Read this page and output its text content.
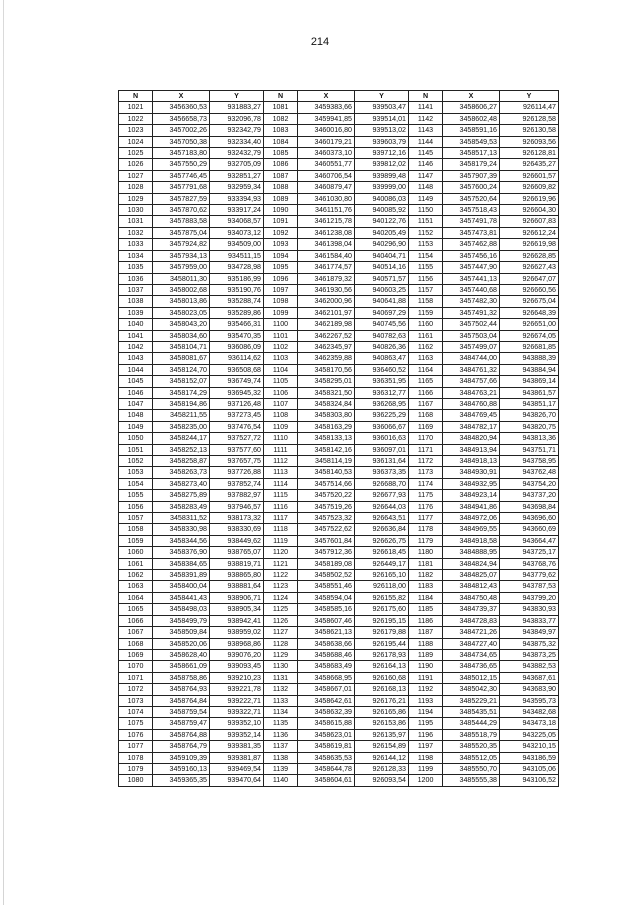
214
N	X	Y	N	X	Y	N	X	Y
1021	3456360,53	931883,27	1081	3459383,66	939503,47	1141	3458606,27	926114,47
1022	3456658,73	932096,78	1082	3459941,85	939514,01	1142	3458602,48	926128,58
1023	3457002,26	932342,79	1083	3460016,80	939513,02	1143	3458591,16	926130,58
1024	3457050,38	932334,40	1084	3460179,21	939603,79	1144	3458549,53	926093,56
1025	3457183,80	932432,79	1085	3460373,10	939712,16	1145	3458517,13	926128,81
1026	3457550,29	932705,09	1086	3460551,77	939812,02	1146	3458179,24	926435,27
1027	3457746,45	932851,27	1087	3460706,54	939899,48	1147	3457907,39	926601,57
1028	3457791,68	932959,34	1088	3460879,47	939999,00	1148	3457600,24	926609,82
1029	3457827,59	933394,93	1089	3461030,80	940086,03	1149	3457520,64	926619,96
1030	3457870,62	933917,24	1090	3461151,76	940085,92	1150	3457518,43	926604,30
1031	3457883,58	934068,57	1091	3461215,78	940122,76	1151	3457491,78	926607,83
1032	3457875,04	934073,12	1092	3461238,08	940205,49	1152	3457473,81	926612,24
1033	3457924,82	934509,00	1093	3461398,04	940296,90	1153	3457462,88	926619,98
1034	3457934,13	934511,15	1094	3461584,40	940404,71	1154	3457456,16	926628,85
1035	3457959,00	934728,98	1095	3461774,57	940514,16	1155	3457447,90	926627,43
1036	3458011,30	935186,99	1096	3461879,32	940571,57	1156	3457441,13	926647,07
1037	3458002,68	935190,76	1097	3461930,56	940603,25	1157	3457440,68	926660,56
1038	3458013,86	935288,74	1098	3462000,96	940641,88	1158	3457482,30	926675,04
1039	3458023,05	935289,86	1099	3462101,97	940697,29	1159	3457491,32	926648,39
1040	3458043,20	935466,31	1100	3462189,98	940745,56	1160	3457502,44	926651,00
1041	3458034,60	935470,35	1101	3462267,52	940782,63	1161	3457503,04	926674,05
1042	3458104,71	936086,09	1102	3462345,97	940826,36	1162	3457499,07	926681,85
1043	3458081,67	936114,62	1103	3462359,88	940863,47	1163	3484744,00	943888,39
1044	3458124,70	936508,68	1104	3458170,56	936460,52	1164	3484761,32	943884,94
1045	3458152,07	936749,74	1105	3458295,01	936351,95	1165	3484757,66	943869,14
1046	3458174,29	936945,32	1106	3458321,50	936312,77	1166	3484763,21	943861,57
1047	3458194,86	937126,48	1107	3458324,84	936268,95	1167	3484760,88	943851,17
1048	3458211,55	937273,45	1108	3458303,80	936225,29	1168	3484769,45	943826,70
1049	3458235,00	937476,54	1109	3458163,29	936066,67	1169	3484782,17	943820,75
1050	3458244,17	937527,72	1110	3458133,13	936016,63	1170	3484820,94	943813,36
1051	3458252,13	937577,60	1111	3458142,16	936097,01	1171	3484913,94	943751,71
1052	3458258,87	937657,75	1112	3458114,19	936131,64	1172	3484918,13	943758,95
1053	3458263,73	937726,88	1113	3458140,53	936373,35	1173	3484930,91	943762,48
1054	3458273,40	937852,74	1114	3457514,66	926688,70	1174	3484932,95	943754,20
1055	3458275,89	937882,97	1115	3457520,22	926677,93	1175	3484923,14	943737,20
1056	3458283,49	937946,57	1116	3457519,26	926644,03	1176	3484941,86	943698,84
1057	3458311,52	938173,32	1117	3457523,32	926643,51	1177	3484972,06	943696,60
1058	3458330,98	938330,69	1118	3457522,62	926636,84	1178	3484969,55	943660,69
1059	3458344,56	938449,62	1119	3457601,84	926626,75	1179	3484918,58	943664,47
1060	3458376,90	938765,07	1120	3457912,36	926618,45	1180	3484888,95	943725,17
1061	3458384,65	938819,71	1121	3458189,08	926449,17	1181	3484824,94	943768,76
1062	3458391,89	938865,80	1122	3458502,52	926165,10	1182	3484825,07	943779,62
1063	3458400,04	938881,64	1123	3458551,46	926118,00	1183	3484812,43	943787,53
1064	3458441,43	938906,71	1124	3458594,04	926155,82	1184	3484750,48	943799,20
1065	3458498,03	938905,34	1125	3458585,16	926175,60	1185	3484739,37	943830,93
1066	3458499,79	938942,41	1126	3458607,46	926195,15	1186	3484728,83	943833,77
1067	3458509,84	938959,02	1127	3458621,13	926179,88	1187	3484721,26	943849,97
1068	3458520,06	938968,86	1128	3458638,66	926195,44	1188	3484727,40	943875,32
1069	3458628,40	939076,20	1129	3458688,46	926178,93	1189	3484734,65	943873,25
1070	3458661,09	939093,45	1130	3458683,49	926164,13	1190	3484736,65	943882,53
1071	3458758,86	939210,23	1131	3458668,95	926160,68	1191	3485012,15	943687,61
1072	3458764,93	939221,78	1132	3458667,01	926168,13	1192	3485042,30	943683,90
1073	3458764,84	939222,71	1133	3458642,61	926176,21	1193	3485229,21	943595,73
1074	3458759,54	939322,71	1134	3458632,39	926165,86	1194	3485435,51	943482,68
1075	3458759,47	939352,10	1135	3458615,88	926153,86	1195	3485444,29	943473,18
1076	3458764,88	939352,14	1136	3458623,01	926135,97	1196	3485518,79	943225,05
1077	3458764,79	939381,35	1137	3458619,81	926154,89	1197	3485520,35	943210,15
1078	3459109,39	939381,87	1138	3458635,53	926144,12	1198	3485512,05	943186,59
1079	3459160,13	939469,54	1139	3458644,78	926128,33	1199	3485550,70	943105,06
1080	3459365,35	939470,64	1140	3458604,61	926093,54	1200	3485555,38	943106,52
